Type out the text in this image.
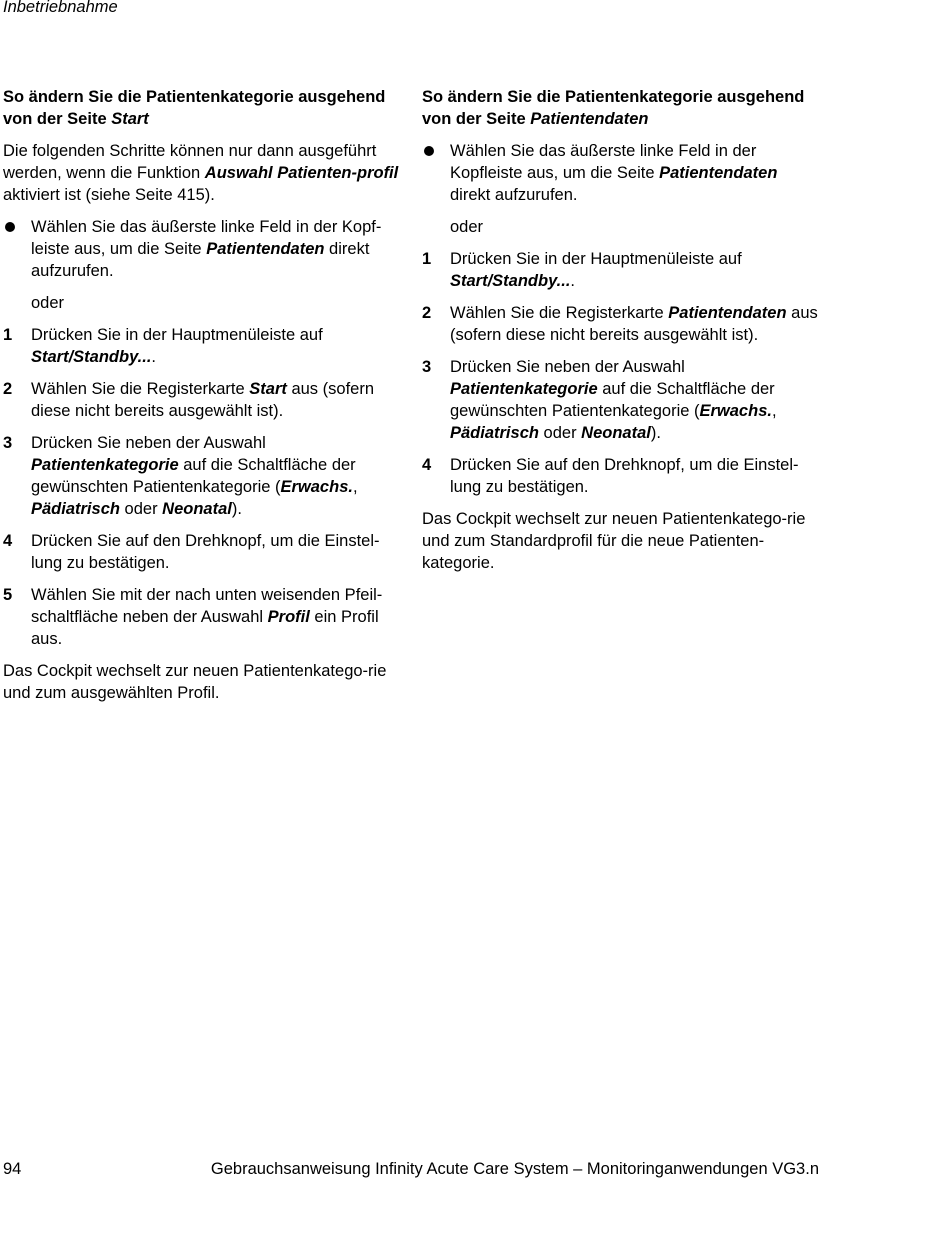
Inbetriebnahme
So ändern Sie die Patientenkategorie ausgehend von der Seite Start

Die folgenden Schritte können nur dann ausgeführt werden, wenn die Funktion Auswahl Patienten-profil aktiviert ist (siehe Seite 415).

Wählen Sie das äußerste linke Feld in der Kopf-leiste aus, um die Seite Patientendaten direkt aufzurufen.
oder
1 Drücken Sie in der Hauptmenüleiste auf Start/Standby....
2 Wählen Sie die Registerkarte Start aus (sofern diese nicht bereits ausgewählt ist).
3 Drücken Sie neben der Auswahl Patientenkategorie auf die Schaltfläche der gewünschten Patientenkategorie (Erwachs., Pädiatrisch oder Neonatal).
4 Drücken Sie auf den Drehknopf, um die Einstel-lung zu bestätigen.
5 Wählen Sie mit der nach unten weisenden Pfeil-schaltfläche neben der Auswahl Profil ein Profil aus.

Das Cockpit wechselt zur neuen Patientenkatego-rie und zum ausgewählten Profil.

So ändern Sie die Patientenkategorie ausgehend von der Seite Patientendaten
Wählen Sie das äußerste linke Feld in der Kopfleiste aus, um die Seite Patientendaten direkt aufzurufen.
oder
1 Drücken Sie in der Hauptmenüleiste auf Start/Standby....
2 Wählen Sie die Registerkarte Patientendaten aus (sofern diese nicht bereits ausgewählt ist).
3 Drücken Sie neben der Auswahl Patientenkategorie auf die Schaltfläche der gewünschten Patientenkategorie (Erwachs., Pädiatrisch oder Neonatal).
4 Drücken Sie auf den Drehknopf, um die Einstel-lung zu bestätigen.

Das Cockpit wechselt zur neuen Patientenkatego-rie und zum Standardprofil für die neue Patienten-kategorie.

94	Gebrauchsanweisung Infinity Acute Care System – Monitoringanwendungen VG3.n
